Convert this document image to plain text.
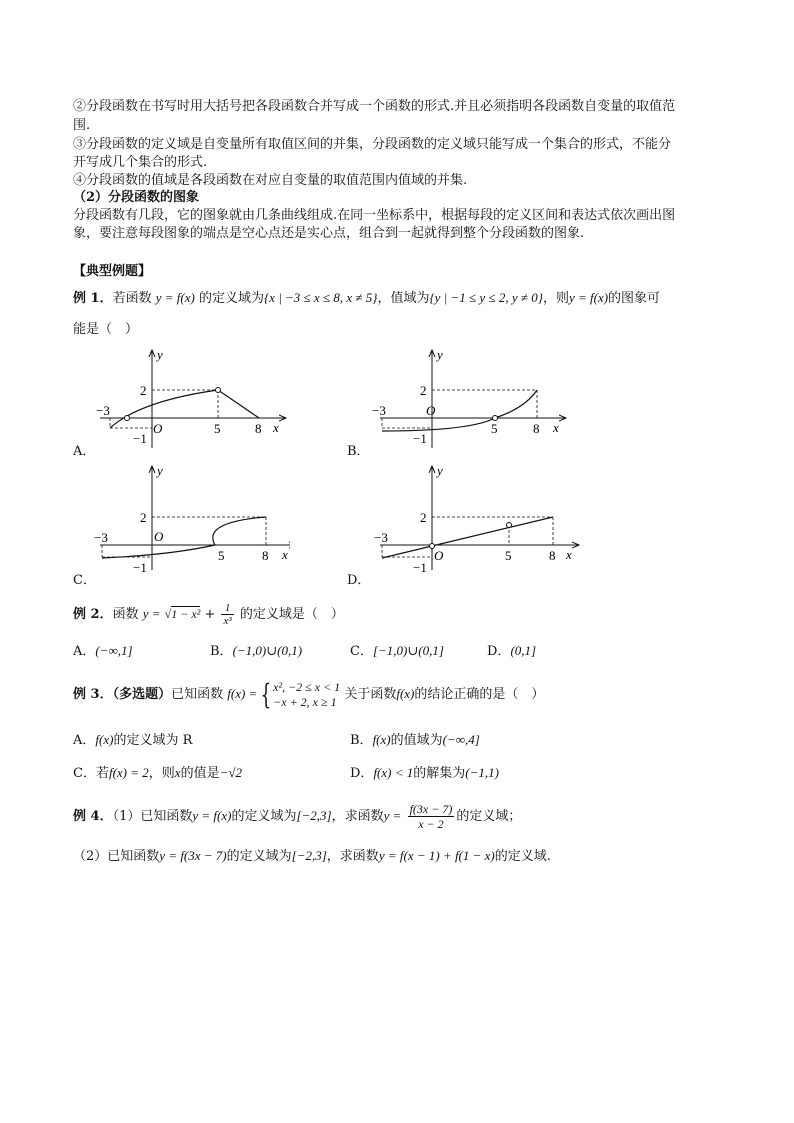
②分段函数在书写时用大括号把各段函数合并写成一个函数的形式.并且必须指明各段函数自变量的取值范
围.
③分段函数的定义域是自变量所有取值区间的并集，分段函数的定义域只能写成一个集合的形式，不能分
开写成几个集合的形式.
④分段函数的值域是各段函数在对应自变量的取值范围内值域的并集.
（2）分段函数的图象
分段函数有几段，它的图象就由几条曲线组成.在同一坐标系中，根据每段的定义区间和表达式依次画出图
象，要注意每段图象的端点是空心点还是实心点，组合到一起就得到整个分段函数的图象.
【典型例题】
例 1．若函数 y = f(x) 的定义域为{x | −3 ≤ x ≤ 8, x ≠ 5}，值域为{y | −1 ≤ y ≤ 2, y ≠ 0}，则y = f(x)的图象可
能是（　）
A．
y
x
O
−3
−1
2
5	8
B．
y
x
O
−3
−1
2
5	8
C．
y
x
O
−3
−1
2
5	8
D．
y
x
O
−3
−1
2
5	8
例 2．函数 $y = √1 - x^2 + \frac{1}{\text{x³}}$ 的定义域是（　）
A．(−∞,1]	B．(−1,0)∪(0,1)	C．[−1,0)∪(0,1]	D．(0,1]
例 3．（多选题）已知函数 f(x) = { x², −2 ≤ x < 1
−x + 2, x ≥ 1 关于函数f(x)的结论正确的是（　）
A．f(x)的定义域为 R	B．f(x)的值域为(−∞,4]
C．若f(x) = 2，则x的值是−√2	D．f(x) < 1的解集为(−1,1)
例 4．（1）已知函数y = f(x)的定义域为[−2,3]，求函数$y = \frac{f(3x - 7)}{x - 2}$ 的定义域；
（2）已知函数y = f(3x − 7)的定义域为[−2,3]，求函数y = f(x − 1) + f(1 − x)的定义域.
